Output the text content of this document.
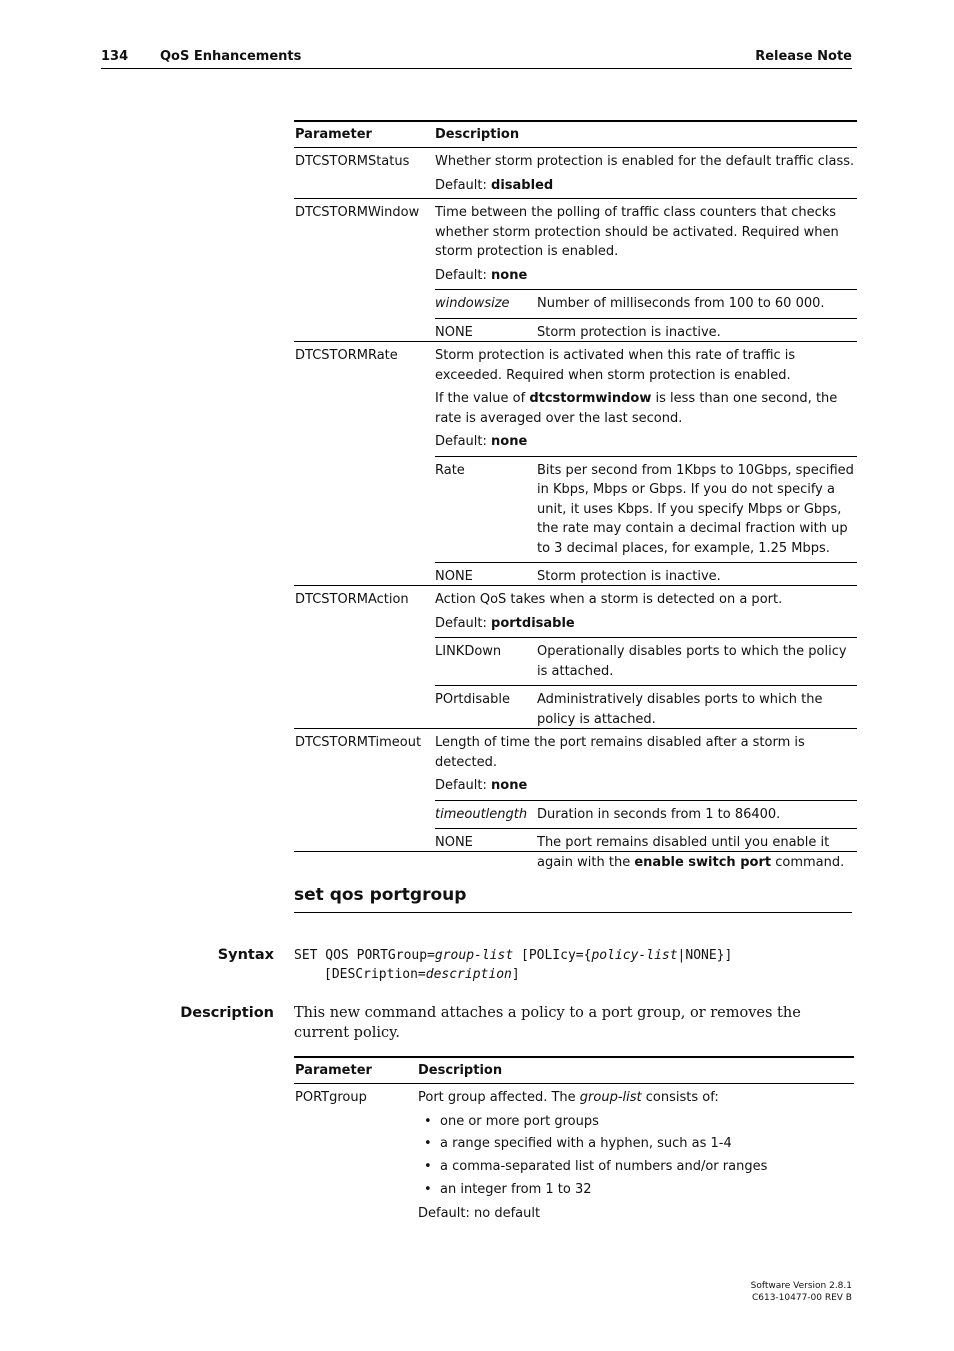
134 QoS Enhancements	Release Note
Parameter	Description
DTCSTORMStatus	Whether storm protection is enabled for the default traffic class.

Default: disabled

DTCSTORMWindow	Time between the polling of traffic class counters that checks whether storm protection should be activated. Required when storm protection is enabled.

Default: none

windowsize	Number of milliseconds from 100 to 60 000.
NONE	Storm protection is inactive.
DTCSTORMRate	Storm protection is activated when this rate of traffic is exceeded. Required when storm protection is enabled.

If the value of dtcstormwindow is less than one second, the rate is averaged over the last second.

Default: none

Rate	Bits per second from 1Kbps to 10Gbps, specified in Kbps, Mbps or Gbps. If you do not specify a unit, it uses Kbps. If you specify Mbps or Gbps, the rate may contain a decimal fraction with up to 3 decimal places, for example, 1.25 Mbps.
NONE	Storm protection is inactive.
DTCSTORMAction	Action QoS takes when a storm is detected on a port.

Default: portdisable

LINKDown	Operationally disables ports to which the policy is attached.
POrtdisable	Administratively disables ports to which the policy is attached.
DTCSTORMTimeout	Length of time the port remains disabled after a storm is detected.

Default: none

timeoutlength Duration in seconds from 1 to 86400.
NONE	The port remains disabled until you enable it again with the enable switch port command.
set qos portgroup
Syntax SET QOS PORTGroup=group-list [POLIcy={policy-list|NONE}]
[DESCription=description]
Description This new command attaches a policy to a port group, or removes the current policy.
Parameter	Description
PORTgroup	Port group affected. The group-list consists of:

• one or more port groups
• a range specified with a hyphen, such as 1-4
• a comma-separated list of numbers and/or ranges
• an integer from 1 to 32

Default: no default

Software Version 2.8.1
C613-10477-00 REV B
